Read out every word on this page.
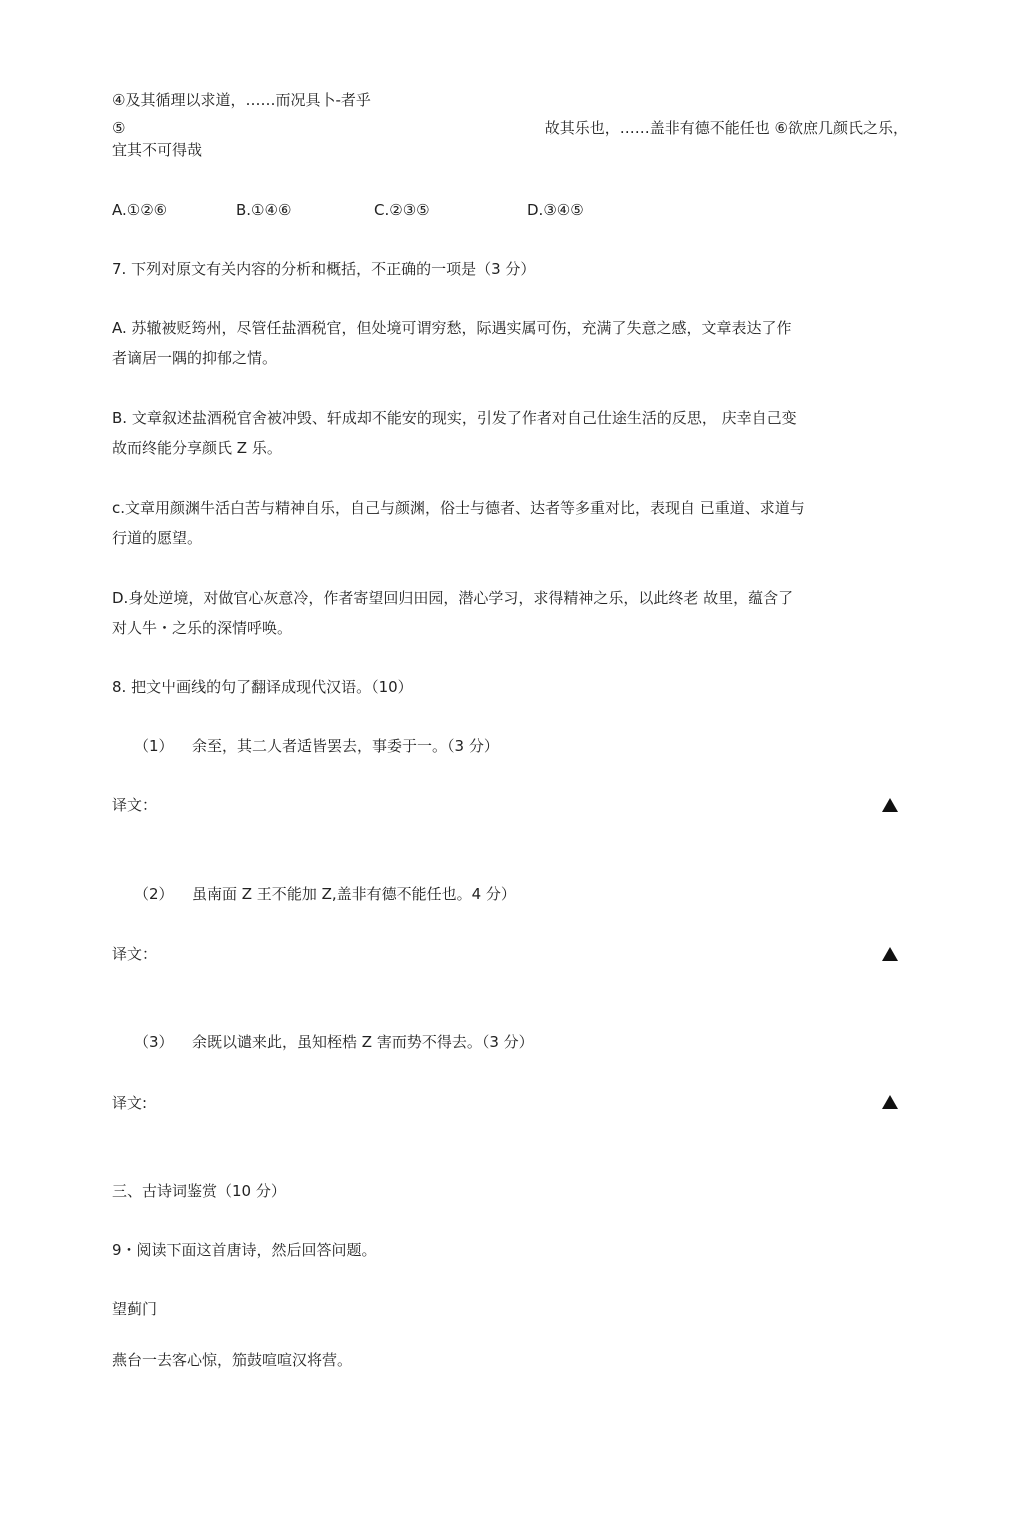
④及其循理以求道，……而况具卜-者乎
⑤	故其乐也，……盖非有德不能任也 ⑥欲庶几颜氏之乐，
宜其不可得哉
A.①②⑥	B.①④⑥	C.②③⑤	D.③④⑤
7. 下列对原文有关内容的分析和概括，不正确的一项是（3 分）
A. 苏辙被贬筠州，尽管任盐酒税官，但处境可谓穷愁，际遇实属可伤，充满了失意之感，文章表达了作
者谪居一隅的抑郁之情。
B. 文章叙述盐酒税官舍被冲毁、轩成却不能安的现实，引发了作者对自己仕途生活的反思， 庆幸自己变
故而终能分享颜氏 Z 乐。
c.文章用颜渊牛活白苦与精神自乐，自己与颜渊，俗士与德者、达者等多重对比，表现自 已重道、求道与
行道的愿望。
D.身处逆境，对做官心灰意冷，作者寄望回归田园，潜心学习，求得精神之乐，以此终老 故里，蕴含了
对人牛・之乐的深情呼唤。
8. 把文屮画线的句了翻译成现代汉语。（10）
（1） 余至，其二人者适皆罢去，事委于一。（3 分）
译文：
（2） 虽南面 Z 王不能加 Z,盖非有德不能任也。4 分）
译文：
（3） 余既以谴来此，虽知桎梏 Z 害而势不得去。（3 分）
译文:
三、古诗词鉴赏（10 分）
9・阅读下面这首唐诗，然后回答问题。
望蓟门
燕台一去客心惊，笳鼓喧喧汉将营。
